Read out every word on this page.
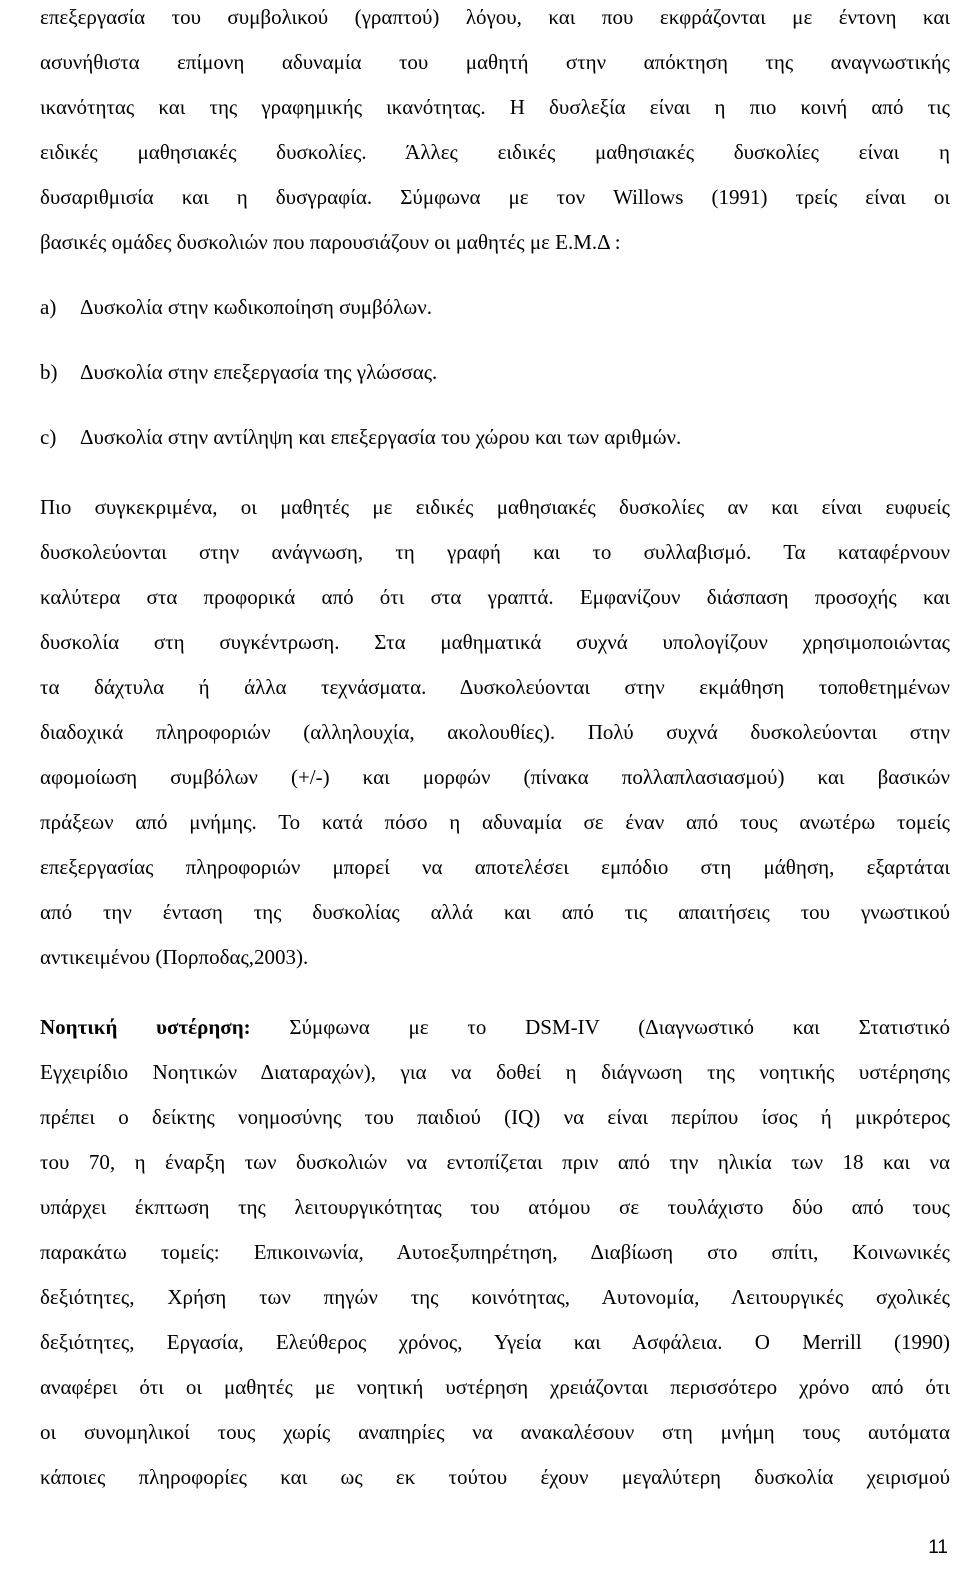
επεξεργασία του συμβολικού (γραπτού) λόγου, και που εκφράζονται με έντονη και
ασυνήθιστα επίμονη αδυναμία του μαθητή στην απόκτηση της αναγνωστικής
ικανότητας και της γραφημικής ικανότητας. Η δυσλεξία είναι η πιο κοινή από τις
ειδικές μαθησιακές δυσκολίες. Άλλες ειδικές μαθησιακές δυσκολίες είναι η
δυσαριθμισία και η δυσγραφία. Σύμφωνα με τον Willows (1991) τρείς είναι οι
βασικές ομάδες δυσκολιών που παρουσιάζουν οι μαθητές με Ε.Μ.Δ :
a) Δυσκολία στην κωδικοποίηση συμβόλων.
b) Δυσκολία στην επεξεργασία της γλώσσας.
c) Δυσκολία στην αντίληψη και επεξεργασία του χώρου και των αριθμών.
Πιο συγκεκριμένα, οι μαθητές με ειδικές μαθησιακές δυσκολίες αν και είναι ευφυείς
δυσκολεύονται στην ανάγνωση, τη γραφή και το συλλαβισμό. Τα καταφέρνουν
καλύτερα στα προφορικά από ότι στα γραπτά. Εμφανίζουν διάσπαση προσοχής και
δυσκολία στη συγκέντρωση. Στα μαθηματικά συχνά υπολογίζουν χρησιμοποιώντας
τα δάχτυλα ή άλλα τεχνάσματα. Δυσκολεύονται στην εκμάθηση τοποθετημένων
διαδοχικά πληροφοριών (αλληλουχία, ακολουθίες). Πολύ συχνά δυσκολεύονται στην
αφομοίωση συμβόλων (+/-) και μορφών (πίνακα πολλαπλασιασμού) και βασικών
πράξεων από μνήμης. Το κατά πόσο η αδυναμία σε έναν από τους ανωτέρω τομείς
επεξεργασίας πληροφοριών μπορεί να αποτελέσει εμπόδιο στη μάθηση, εξαρτάται
από την ένταση της δυσκολίας αλλά και από τις απαιτήσεις του γνωστικού
αντικειμένου (Πορποδας,2003).
Νοητική υστέρηση: Σύμφωνα με το DSM-IV (Διαγνωστικό και Στατιστικό
Εγχειρίδιο Νοητικών Διαταραχών), για να δοθεί η διάγνωση της νοητικής υστέρησης
πρέπει ο δείκτης νοημοσύνης του παιδιού (IQ) να είναι περίπου ίσος ή μικρότερος
του 70, η έναρξη των δυσκολιών να εντοπίζεται πριν από την ηλικία των 18 και να
υπάρχει έκπτωση της λειτουργικότητας του ατόμου σε τουλάχιστο δύο από τους
παρακάτω τομείς: Επικοινωνία, Αυτοεξυπηρέτηση, Διαβίωση στο σπίτι, Κοινωνικές
δεξιότητες, Χρήση των πηγών της κοινότητας, Αυτονομία, Λειτουργικές σχολικές
δεξιότητες, Εργασία, Ελεύθερος χρόνος, Υγεία και Ασφάλεια. Ο Merrill (1990)
αναφέρει ότι οι μαθητές με νοητική υστέρηση χρειάζονται περισσότερο χρόνο από ότι
οι συνομηλικοί τους χωρίς αναπηρίες να ανακαλέσουν στη μνήμη τους αυτόματα
κάποιες πληροφορίες και ως εκ τούτου έχουν μεγαλύτερη δυσκολία χειρισμού
11
